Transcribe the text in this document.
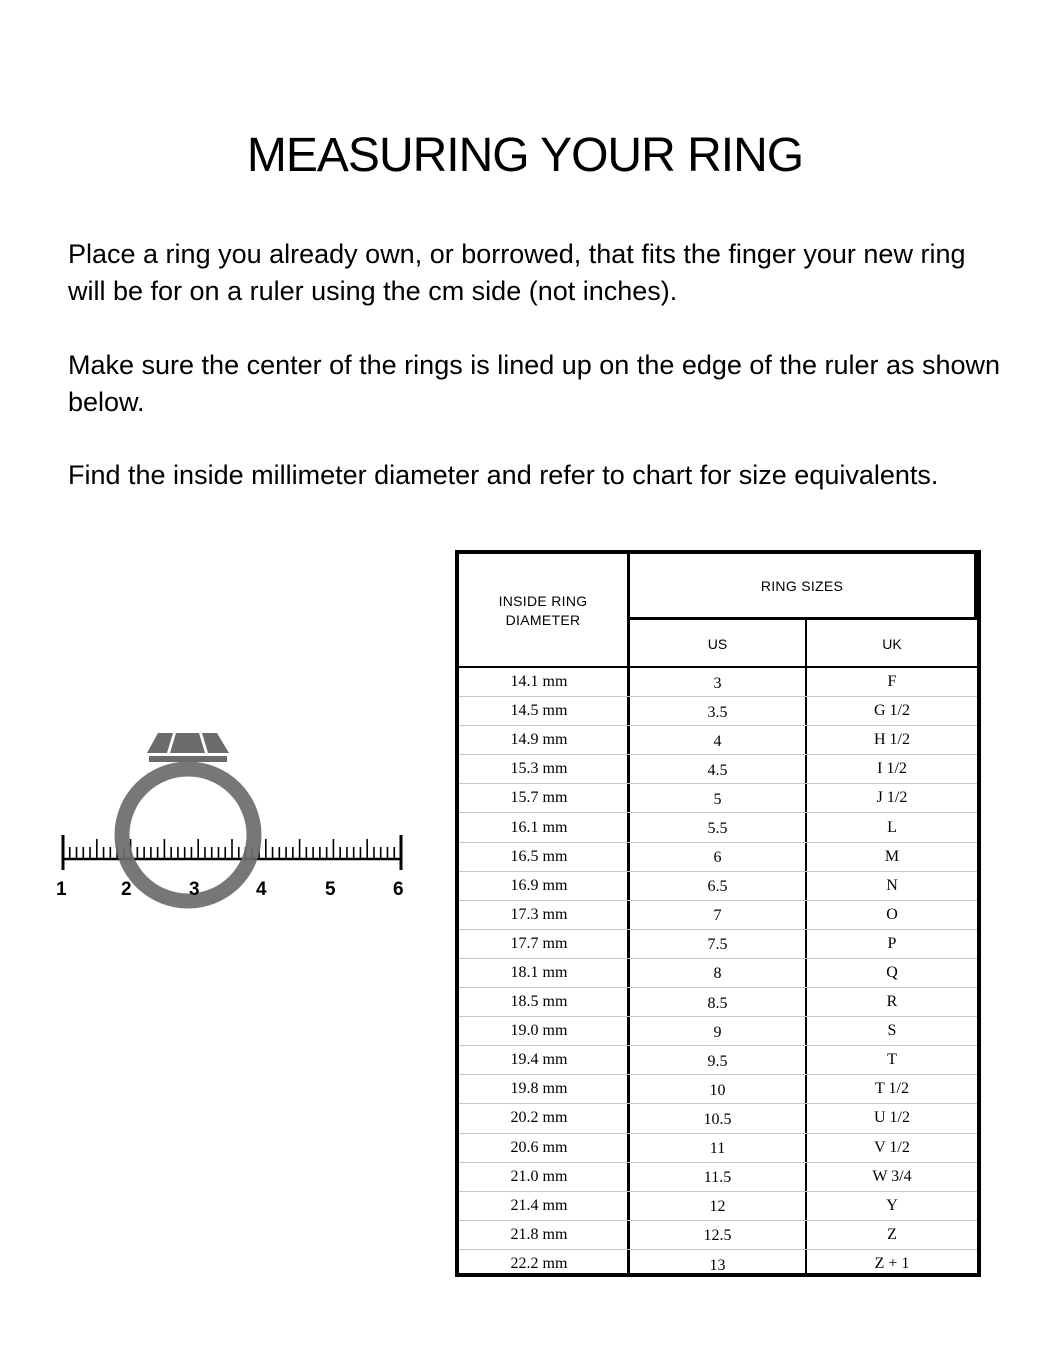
MEASURING YOUR RING
Place a ring you already own, or borrowed, that fits the finger your new ring will be for on a ruler using the cm side (not inches).
Make sure the center of the rings is lined up on the edge of the ruler as shown below.
Find the inside millimeter diameter and refer to chart for size equivalents.
1	2	3	4	5	6
INSIDE RING
DIAMETER
RING SIZES
US	UK
14.1 mm	3	F
14.5 mm	3.5	G 1/2
14.9 mm	4	H 1/2
15.3 mm	4.5	I 1/2
15.7 mm	5	J 1/2
16.1 mm	5.5	L
16.5 mm	6	M
16.9 mm	6.5	N
17.3 mm	7	O
17.7 mm	7.5	P
18.1 mm	8	Q
18.5 mm	8.5	R
19.0 mm	9	S
19.4 mm	9.5	T
19.8 mm	10	T 1/2
20.2 mm	10.5	U 1/2
20.6 mm	11	V 1/2
21.0 mm	11.5	W 3/4
21.4 mm	12	Y
21.8 mm	12.5	Z
22.2 mm	13	Z + 1
